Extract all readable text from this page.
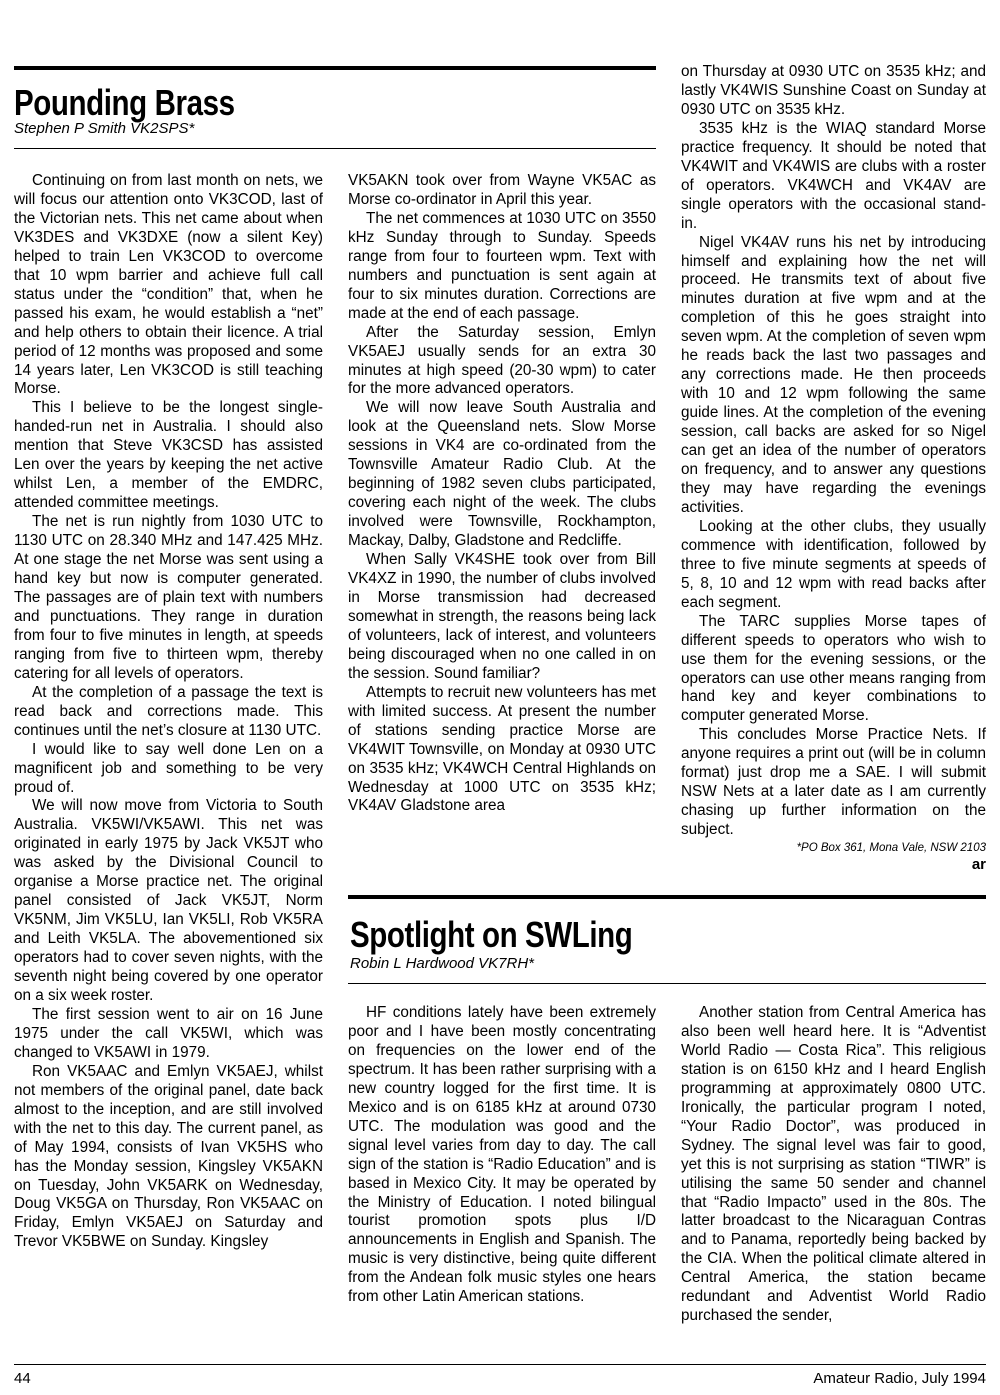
Pounding Brass
Stephen P Smith VK2SPS*

Continuing on from last month on nets, we will focus our attention onto VK3COD, last of the Victorian nets. This net came about when VK3DES and VK3DXE (now a silent Key) helped to train Len VK3COD to overcome that 10 wpm barrier and achieve full call status under the “condition” that, when he passed his exam, he would establish a “net” and help others to obtain their licence. A trial period of 12 months was proposed and some 14 years later, Len VK3COD is still teaching Morse.

This I believe to be the longest single-handed-run net in Australia. I should also mention that Steve VK3CSD has assisted Len over the years by keeping the net active whilst Len, a member of the EMDRC, attended committee meetings.

The net is run nightly from 1030 UTC to 1130 UTC on 28.340 MHz and 147.425 MHz. At one stage the net Morse was sent using a hand key but now is computer generated. The passages are of plain text with numbers and punctuations. They range in duration from four to five minutes in length, at speeds ranging from five to thirteen wpm, thereby catering for all levels of operators.

At the completion of a passage the text is read back and corrections made. This continues until the net’s closure at 1130 UTC.

I would like to say well done Len on a magnificent job and something to be very proud of.

We will now move from Victoria to South Australia. VK5WI/VK5AWI. This net was originated in early 1975 by Jack VK5JT who was asked by the Divisional Council to organise a Morse practice net. The original panel consisted of Jack VK5JT, Norm VK5NM, Jim VK5LU, Ian VK5LI, Rob VK5RA and Leith VK5LA. The abovementioned six operators had to cover seven nights, with the seventh night being covered by one operator on a six week roster.

The first session went to air on 16 June 1975 under the call VK5WI, which was changed to VK5AWI in 1979.

Ron VK5AAC and Emlyn VK5AEJ, whilst not members of the original panel, date back almost to the inception, and are still involved with the net to this day. The current panel, as of May 1994, consists of Ivan VK5HS who has the Monday session, Kingsley VK5AKN on Tuesday, John VK5ARK on Wednesday, Doug VK5GA on Thursday, Ron VK5AAC on Friday, Emlyn VK5AEJ on Saturday and Trevor VK5BWE on Sunday. Kingsley

VK5AKN took over from Wayne VK5AC as Morse co-ordinator in April this year.

The net commences at 1030 UTC on 3550 kHz Sunday through to Sunday. Speeds range from four to fourteen wpm. Text with numbers and punctuation is sent again at four to six minutes duration. Corrections are made at the end of each passage.

After the Saturday session, Emlyn VK5AEJ usually sends for an extra 30 minutes at high speed (20-30 wpm) to cater for the more advanced operators.

We will now leave South Australia and look at the Queensland nets. Slow Morse sessions in VK4 are co-ordinated from the Townsville Amateur Radio Club. At the beginning of 1982 seven clubs participated, covering each night of the week. The clubs involved were Townsville, Rockhampton, Mackay, Dalby, Gladstone and Redcliffe.

When Sally VK4SHE took over from Bill VK4XZ in 1990, the number of clubs involved in Morse transmission had decreased somewhat in strength, the reasons being lack of volunteers, lack of interest, and volunteers being discouraged when no one called in on the session. Sound familiar?

Attempts to recruit new volunteers has met with limited success. At present the number of stations sending practice Morse are VK4WIT Townsville, on Monday at 0930 UTC on 3535 kHz; VK4WCH Central Highlands on Wednesday at 1000 UTC on 3535 kHz; VK4AV Gladstone area

on Thursday at 0930 UTC on 3535 kHz; and lastly VK4WIS Sunshine Coast on Sunday at 0930 UTC on 3535 kHz.

3535 kHz is the WIAQ standard Morse practice frequency. It should be noted that VK4WIT and VK4WIS are clubs with a roster of operators. VK4WCH and VK4AV are single operators with the occasional stand-in.

Nigel VK4AV runs his net by introducing himself and explaining how the net will proceed. He transmits text of about five minutes duration at five wpm and at the completion of this he goes straight into seven wpm. At the completion of seven wpm he reads back the last two passages and any corrections made. He then proceeds with 10 and 12 wpm following the same guide lines. At the completion of the evening session, call backs are asked for so Nigel can get an idea of the number of operators on frequency, and to answer any questions they may have regarding the evenings activities.

Looking at the other clubs, they usually commence with identification, followed by three to five minute segments at speeds of 5, 8, 10 and 12 wpm with read backs after each segment.

The TARC supplies Morse tapes of different speeds to operators who wish to use them for the evening sessions, or the operators can use other means ranging from hand key and keyer combinations to computer generated Morse.

This concludes Morse Practice Nets. If anyone requires a print out (will be in column format) just drop me a SAE. I will submit NSW Nets at a later date as I am currently chasing up further information on the subject.

*PO Box 361, Mona Vale, NSW 2103

ar

Spotlight on SWLing
Robin L Hardwood VK7RH*

HF conditions lately have been extremely poor and I have been mostly concentrating on frequencies on the lower end of the spectrum. It has been rather surprising with a new country logged for the first time. It is Mexico and is on 6185 kHz at around 0730 UTC. The modulation was good and the signal level varies from day to day. The call sign of the station is “Radio Education” and is based in Mexico City. It may be operated by the Ministry of Education. I noted bilingual tourist promotion spots plus I/D announcements in English and Spanish. The music is very distinctive, being quite different from the Andean folk music styles one hears from other Latin American stations.

Another station from Central America has also been well heard here. It is “Adventist World Radio — Costa Rica”. This religious station is on 6150 kHz and I heard English programming at approximately 0800 UTC. Ironically, the particular program I noted, “Your Radio Doctor”, was produced in Sydney. The signal level was fair to good, yet this is not surprising as station “TIWR” is utilising the same 50 sender and channel that “Radio Impacto” used in the 80s. The latter broadcast to the Nicaraguan Contras and to Panama, reportedly being backed by the CIA. When the political climate altered in Central America, the station became redundant and Adventist World Radio purchased the sender,

44	Amateur Radio, July 1994
